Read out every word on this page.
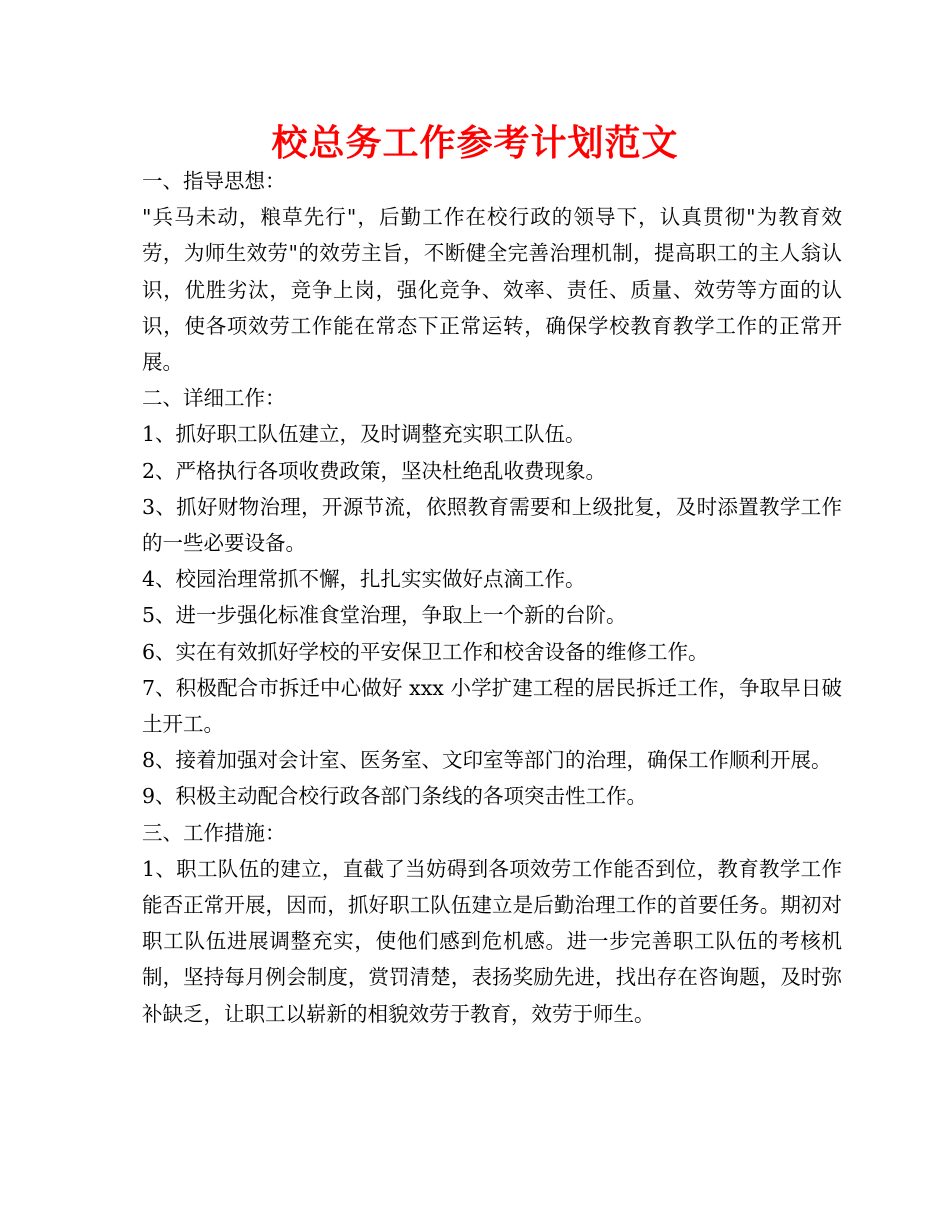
校总务工作参考计划范文

一、指导思想：

"兵马未动，粮草先行"，后勤工作在校行政的领导下，认真贯彻"为教育效劳，为师生效劳"的效劳主旨，不断健全完善治理机制，提高职工的主人翁认识，优胜劣汰，竞争上岗，强化竞争、效率、责任、质量、效劳等方面的认识，使各项效劳工作能在常态下正常运转，确保学校教育教学工作的正常开展。

二、详细工作：

1、抓好职工队伍建立，及时调整充实职工队伍。

2、严格执行各项收费政策，坚决杜绝乱收费现象。

3、抓好财物治理，开源节流，依照教育需要和上级批复，及时添置教学工作的一些必要设备。

4、校园治理常抓不懈，扎扎实实做好点滴工作。

5、进一步强化标准食堂治理，争取上一个新的台阶。

6、实在有效抓好学校的平安保卫工作和校舍设备的维修工作。

7、积极配合市拆迁中心做好 xxx 小学扩建工程的居民拆迁工作，争取早日破土开工。

8、接着加强对会计室、医务室、文印室等部门的治理，确保工作顺利开展。

9、积极主动配合校行政各部门条线的各项突击性工作。

三、工作措施：

1、职工队伍的建立，直截了当妨碍到各项效劳工作能否到位，教育教学工作能否正常开展，因而，抓好职工队伍建立是后勤治理工作的首要任务。期初对职工队伍进展调整充实，使他们感到危机感。进一步完善职工队伍的考核机制，坚持每月例会制度，赏罚清楚，表扬奖励先进，找出存在咨询题，及时弥补缺乏，让职工以崭新的相貌效劳于教育，效劳于师生。
